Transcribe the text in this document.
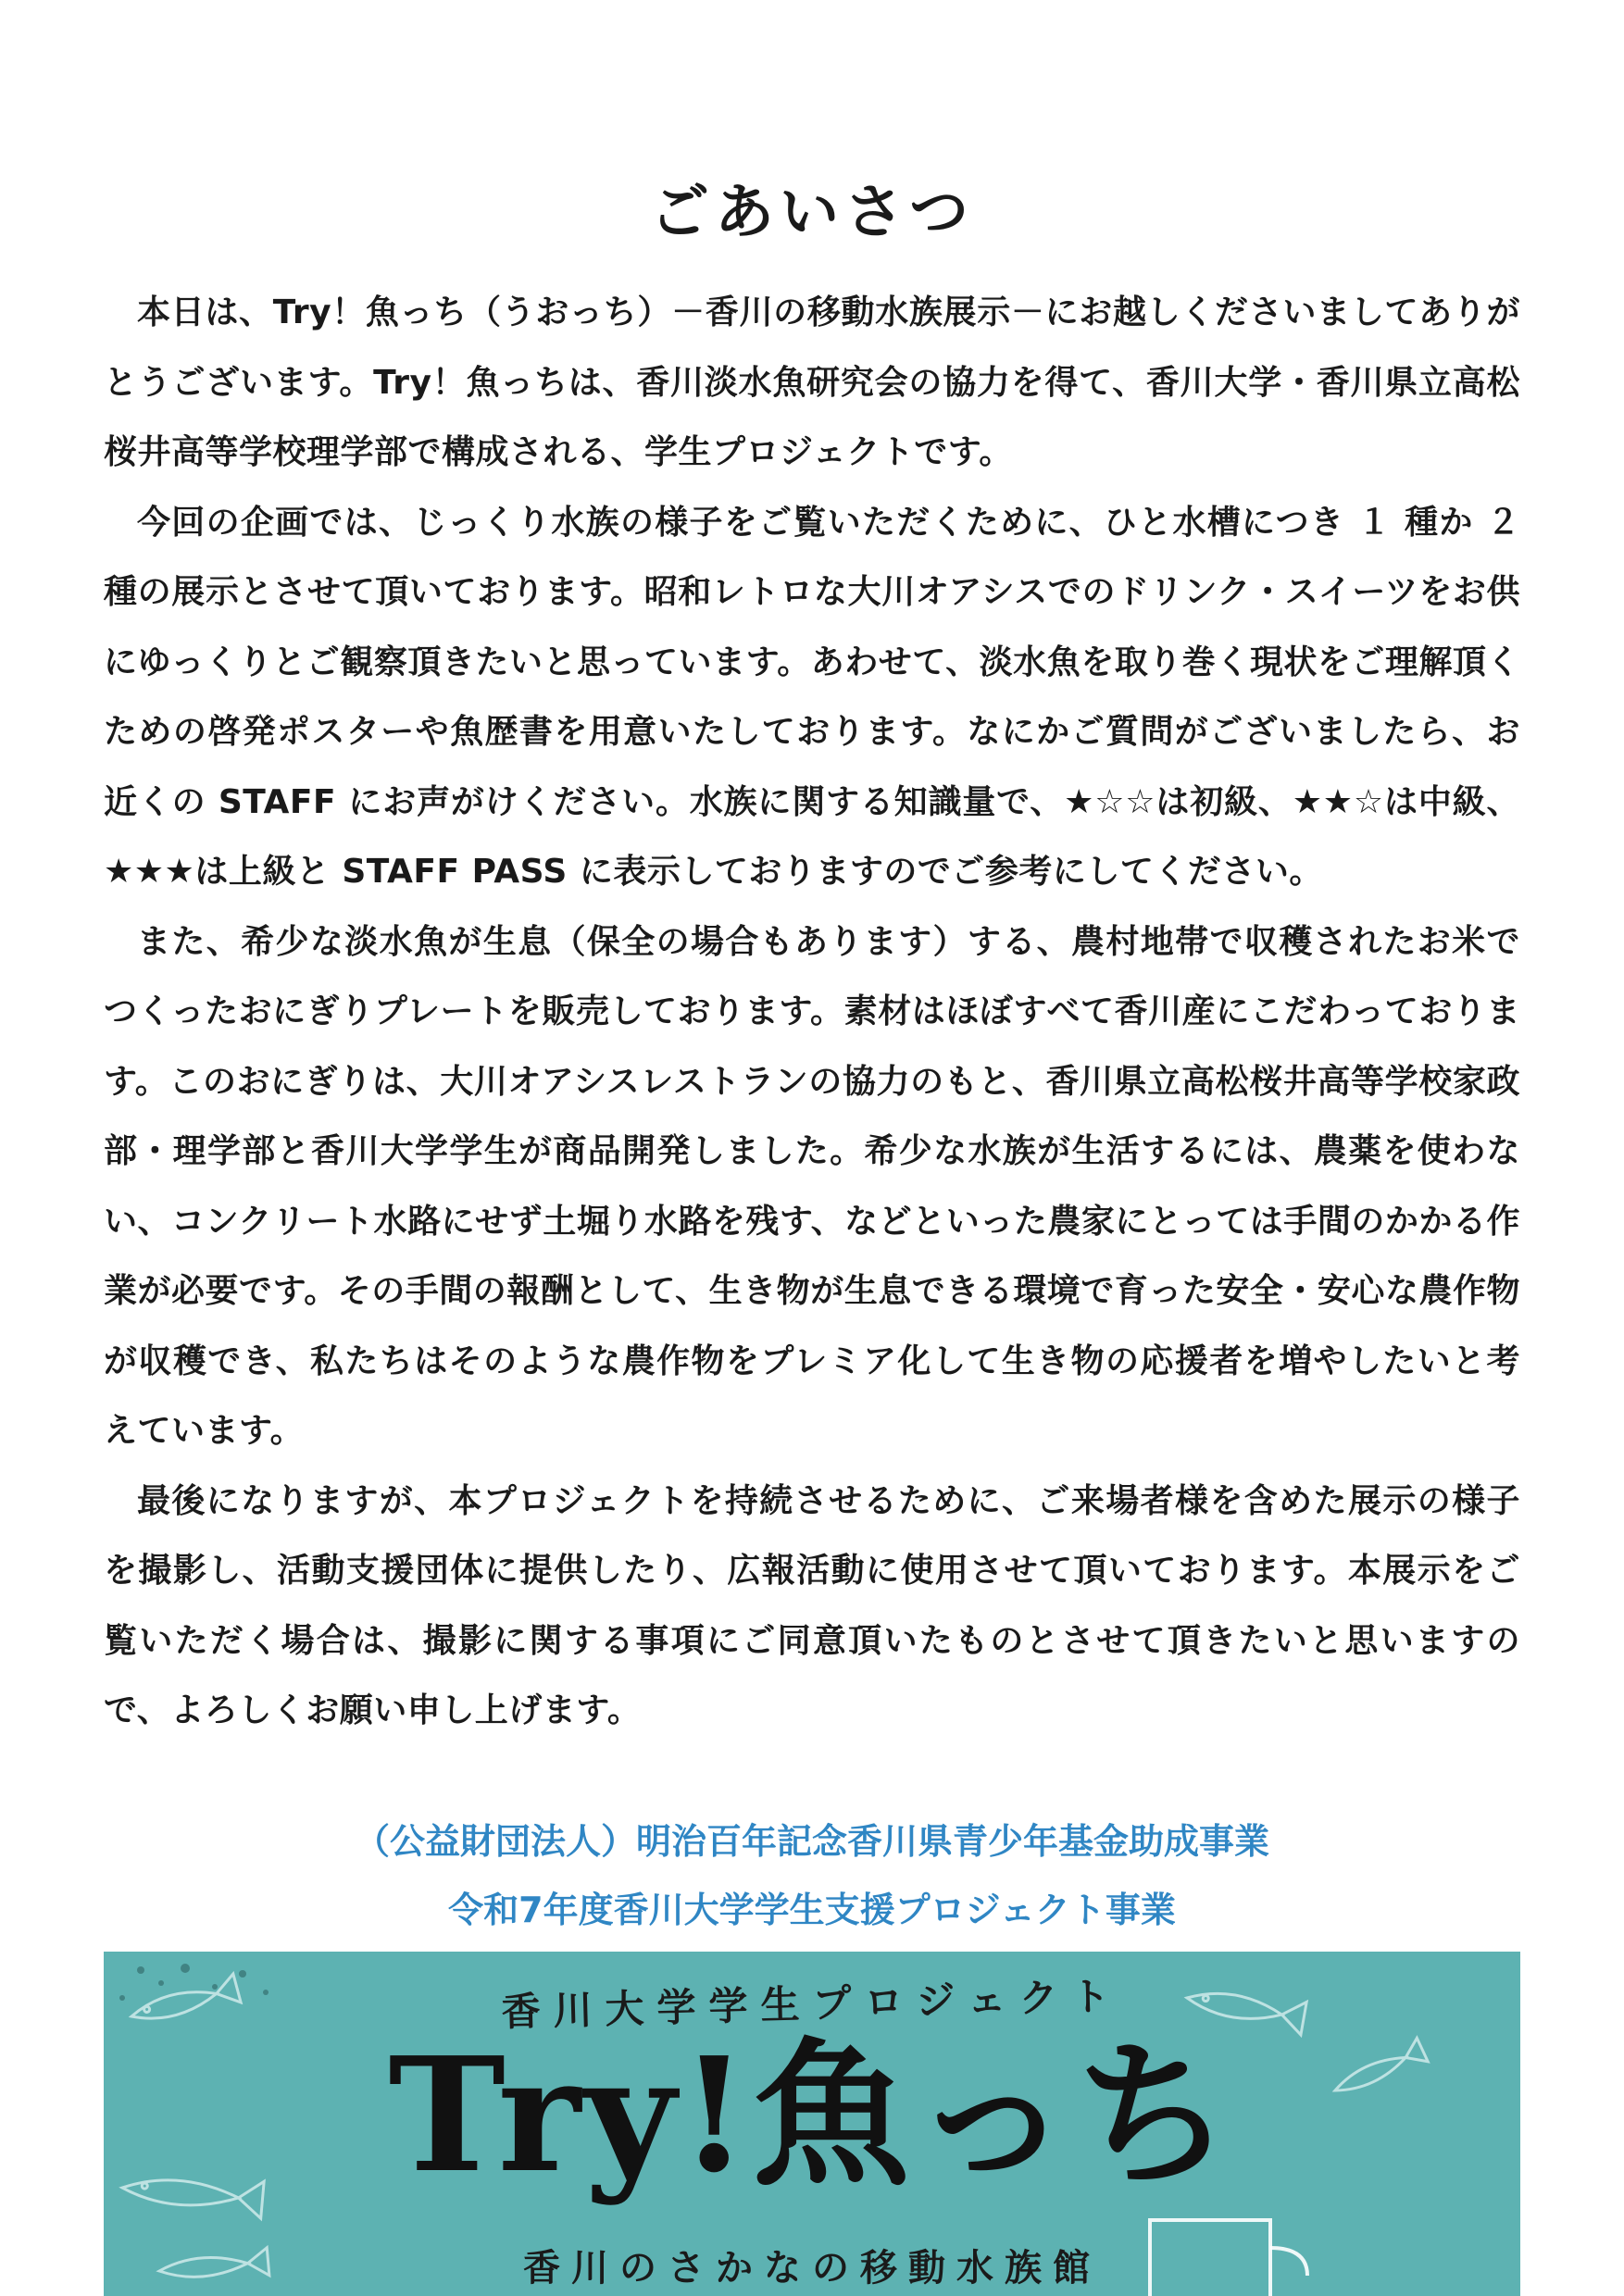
ごあいさつ

本日は、Try！魚っち（うおっち）－香川の移動水族展示－にお越しくださいましてありがとうございます。Try！魚っちは、香川淡水魚研究会の協力を得て、香川大学・香川県立高松桜井高等学校理学部で構成される、学生プロジェクトです。

今回の企画では、じっくり水族の様子をご覧いただくために、ひと水槽につき １ 種か ２ 種の展示とさせて頂いております。昭和レトロな大川オアシスでのドリンク・スイーツをお供にゆっくりとご観察頂きたいと思っています。あわせて、淡水魚を取り巻く現状をご理解頂くための啓発ポスターや魚歴書を用意いたしております。なにかご質問がございましたら、お近くの STAFF にお声がけください。水族に関する知識量で、★☆☆は初級、★★☆は中級、★★★は上級と STAFF PASS に表示しておりますのでご参考にしてください。

また、希少な淡水魚が生息（保全の場合もあります）する、農村地帯で収穫されたお米でつくったおにぎりプレートを販売しております。素材はほぼすべて香川産にこだわっております。このおにぎりは、大川オアシスレストランの協力のもと、香川県立高松桜井高等学校家政部・理学部と香川大学学生が商品開発しました。希少な水族が生活するには、農薬を使わない、コンクリート水路にせず土堀り水路を残す、などといった農家にとっては手間のかかる作業が必要です。その手間の報酬として、生き物が生息できる環境で育った安全・安心な農作物が収穫でき、私たちはそのような農作物をプレミア化して生き物の応援者を増やしたいと考えています。

最後になりますが、本プロジェクトを持続させるために、ご来場者様を含めた展示の様子を撮影し、活動支援団体に提供したり、広報活動に使用させて頂いております。本展示をご覧いただく場合は、撮影に関する事項にご同意頂いたものとさせて頂きたいと思いますので、よろしくお願い申し上げます。

（公益財団法人）明治百年記念香川県青少年基金助成事業

令和7年度香川大学学生支援プロジェクト事業

香川大学学生プロジェクト
Try!魚っち
香川のさかなの移動水族館
